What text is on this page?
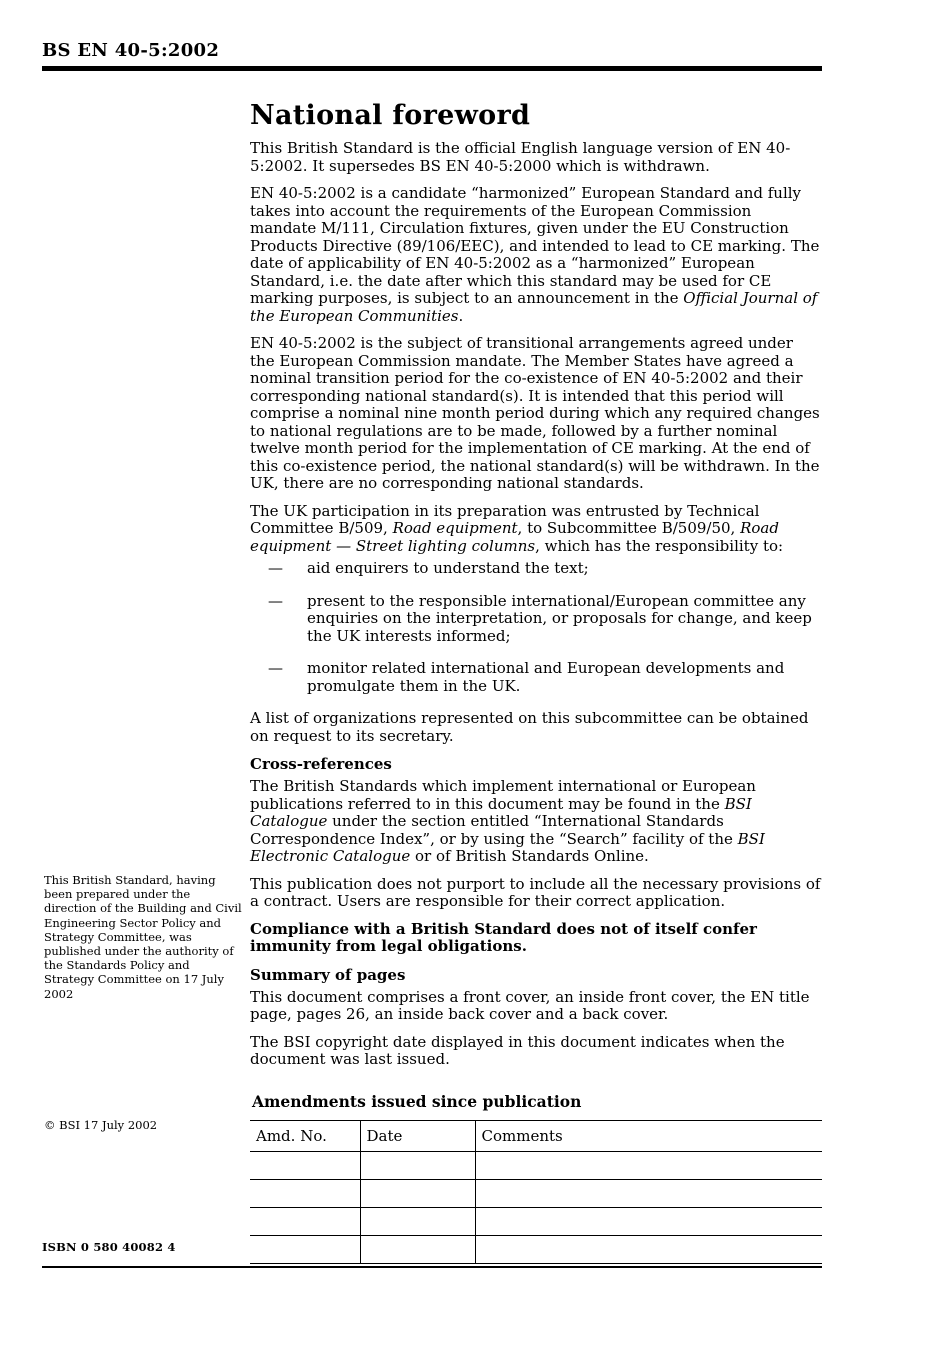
BS EN 40-5:2002
National foreword

This British Standard is the official English language version of EN 40-5:2002. It supersedes BS EN 40-5:2000 which is withdrawn.

EN 40-5:2002 is a candidate “harmonized” European Standard and fully takes into account the requirements of the European Commission mandate M/111, Circulation fixtures, given under the EU Construction Products Directive (89/106/EEC), and intended to lead to CE marking. The date of applicability of EN 40-5:2002 as a “harmonized” European Standard, i.e. the date after which this standard may be used for CE marking purposes, is subject to an announcement in the Official Journal of the European Communities.

EN 40-5:2002 is the subject of transitional arrangements agreed under the European Commission mandate. The Member States have agreed a nominal transition period for the co-existence of EN 40-5:2002 and their corresponding national standard(s). It is intended that this period will comprise a nominal nine month period during which any required changes to national regulations are to be made, followed by a further nominal twelve month period for the implementation of CE marking. At the end of this co-existence period, the national standard(s) will be withdrawn. In the UK, there are no corresponding national standards.

The UK participation in its preparation was entrusted by Technical Committee B/509, Road equipment, to Subcommittee B/509/50, Road equipment — Street lighting columns, which has the responsibility to:

—	aid enquirers to understand the text;
—	present to the responsible international/European committee any enquiries on the interpretation, or proposals for change, and keep the UK interests informed;
—	monitor related international and European developments and promulgate them in the UK.

A list of organizations represented on this subcommittee can be obtained on request to its secretary.

Cross-references

The British Standards which implement international or European publications referred to in this document may be found in the BSI Catalogue under the section entitled “International Standards Correspondence Index”, or by using the “Search” facility of the BSI Electronic Catalogue or of British Standards Online.

This publication does not purport to include all the necessary provisions of a contract. Users are responsible for their correct application.

Compliance with a British Standard does not of itself confer immunity from legal obligations.

Summary of pages

This document comprises a front cover, an inside front cover, the EN title page, pages 26, an inside back cover and a back cover.

The BSI copyright date displayed in this document indicates when the document was last issued.

This British Standard, having been prepared under the direction of the Building and Civil Engineering Sector Policy and Strategy Committee, was published under the authority of the Standards Policy and Strategy Committee on 17 July 2002
© BSI 17 July 2002
ISBN 0 580 40082 4
Amendments issued since publication
Amd. No.	Date	Comments
